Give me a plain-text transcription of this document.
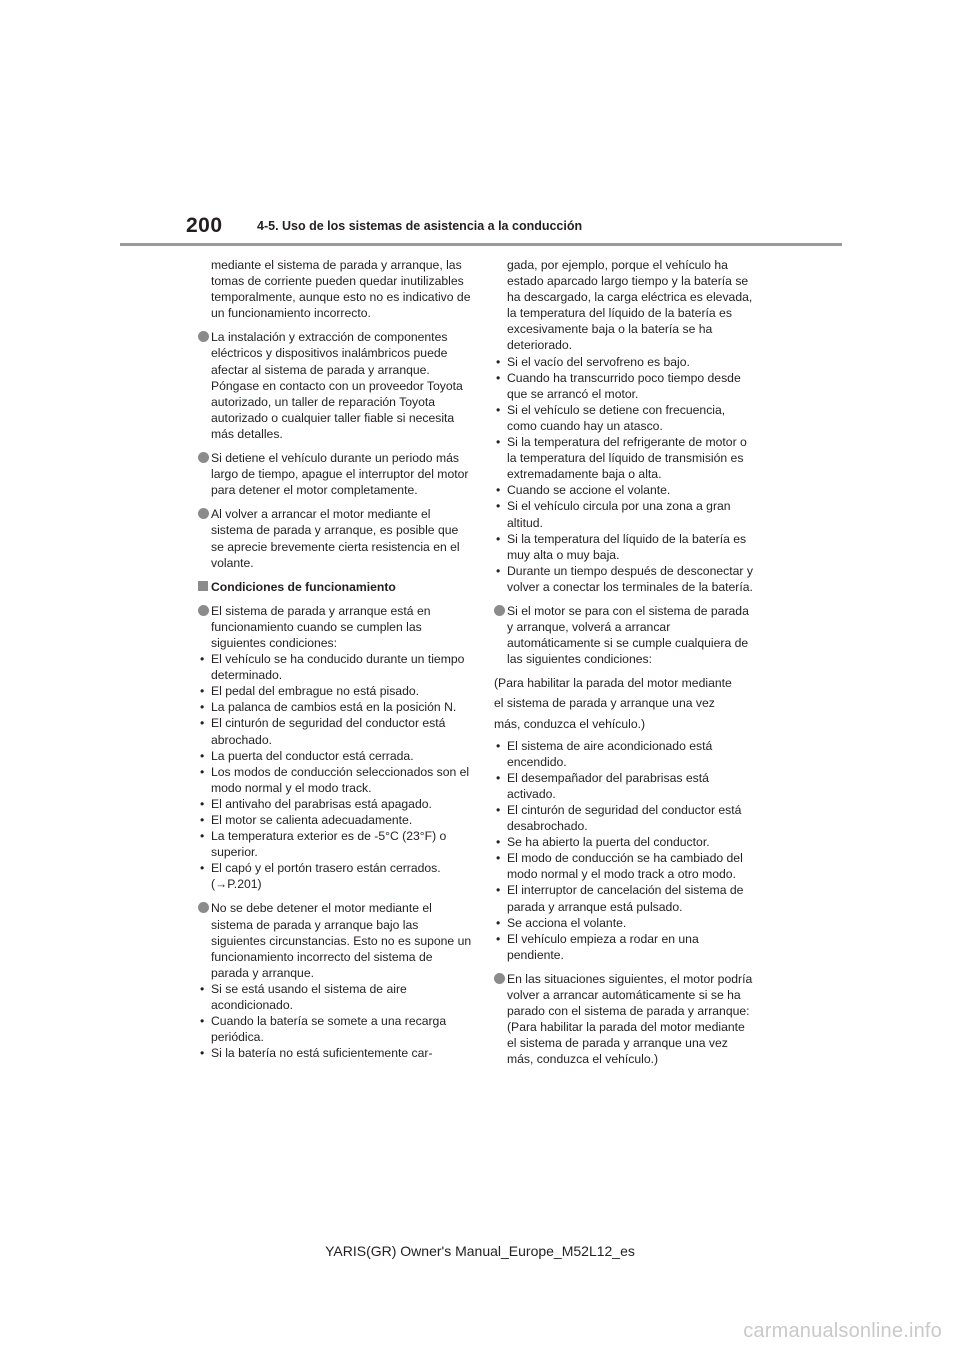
200	4-5. Uso de los sistemas de asistencia a la conducción

mediante el sistema de parada y arranque, las tomas de corriente pueden quedar inutilizables temporalmente, aunque esto no es indicativo de un funcionamiento incorrecto.

La instalación y extracción de componentes eléctricos y dispositivos inalámbricos puede afectar al sistema de parada y arranque. Póngase en contacto con un proveedor Toyota autorizado, un taller de reparación Toyota autorizado o cualquier taller fiable si necesita más detalles.
Si detiene el vehículo durante un periodo más largo de tiempo, apague el interruptor del motor para detener el motor completamente.
Al volver a arrancar el motor mediante el sistema de parada y arranque, es posible que se aprecie brevemente cierta resistencia en el volante.
Condiciones de funcionamiento
El sistema de parada y arranque está en funcionamiento cuando se cumplen las siguientes condiciones:
• El vehículo se ha conducido durante un tiempo determinado.
• El pedal del embrague no está pisado.
• La palanca de cambios está en la posición N.
• El cinturón de seguridad del conductor está abrochado.
• La puerta del conductor está cerrada.
• Los modos de conducción seleccionados son el modo normal y el modo track.
• El antivaho del parabrisas está apagado.
• El motor se calienta adecuadamente.
• La temperatura exterior es de -5°C (23°F) o superior.
• El capó y el portón trasero están cerrados. (→P.201)
No se debe detener el motor mediante el sistema de parada y arranque bajo las siguientes circunstancias. Esto no es supone un funcionamiento incorrecto del sistema de parada y arranque.
• Si se está usando el sistema de aire acondicionado.
• Cuando la batería se somete a una recarga periódica.
• Si la batería no está suficientemente car-

gada, por ejemplo, porque el vehículo ha estado aparcado largo tiempo y la batería se ha descargado, la carga eléctrica es elevada, la temperatura del líquido de la batería es excesivamente baja o la batería se ha deteriorado.

• Si el vacío del servofreno es bajo.
• Cuando ha transcurrido poco tiempo desde que se arrancó el motor.
• Si el vehículo se detiene con frecuencia, como cuando hay un atasco.
• Si la temperatura del refrigerante de motor o la temperatura del líquido de transmisión es extremadamente baja o alta.
• Cuando se accione el volante.
• Si el vehículo circula por una zona a gran altitud.
• Si la temperatura del líquido de la batería es muy alta o muy baja.
• Durante un tiempo después de desconectar y volver a conectar los terminales de la batería.
Si el motor se para con el sistema de parada y arranque, volverá a arrancar automáticamente si se cumple cualquiera de las siguientes condiciones:
(Para habilitar la parada del motor mediante
el sistema de parada y arranque una vez
más, conduzca el vehículo.)
• El sistema de aire acondicionado está encendido.
• El desempañador del parabrisas está activado.
• El cinturón de seguridad del conductor está desabrochado.
• Se ha abierto la puerta del conductor.
• El modo de conducción se ha cambiado del modo normal y el modo track a otro modo.
• El interruptor de cancelación del sistema de parada y arranque está pulsado.
• Se acciona el volante.
• El vehículo empieza a rodar en una pendiente.
En las situaciones siguientes, el motor podría volver a arrancar automáticamente si se ha parado con el sistema de parada y arranque: (Para habilitar la parada del motor mediante el sistema de parada y arranque una vez más, conduzca el vehículo.)
YARIS(GR) Owner's Manual_Europe_M52L12_es
carmanualsonline.info
